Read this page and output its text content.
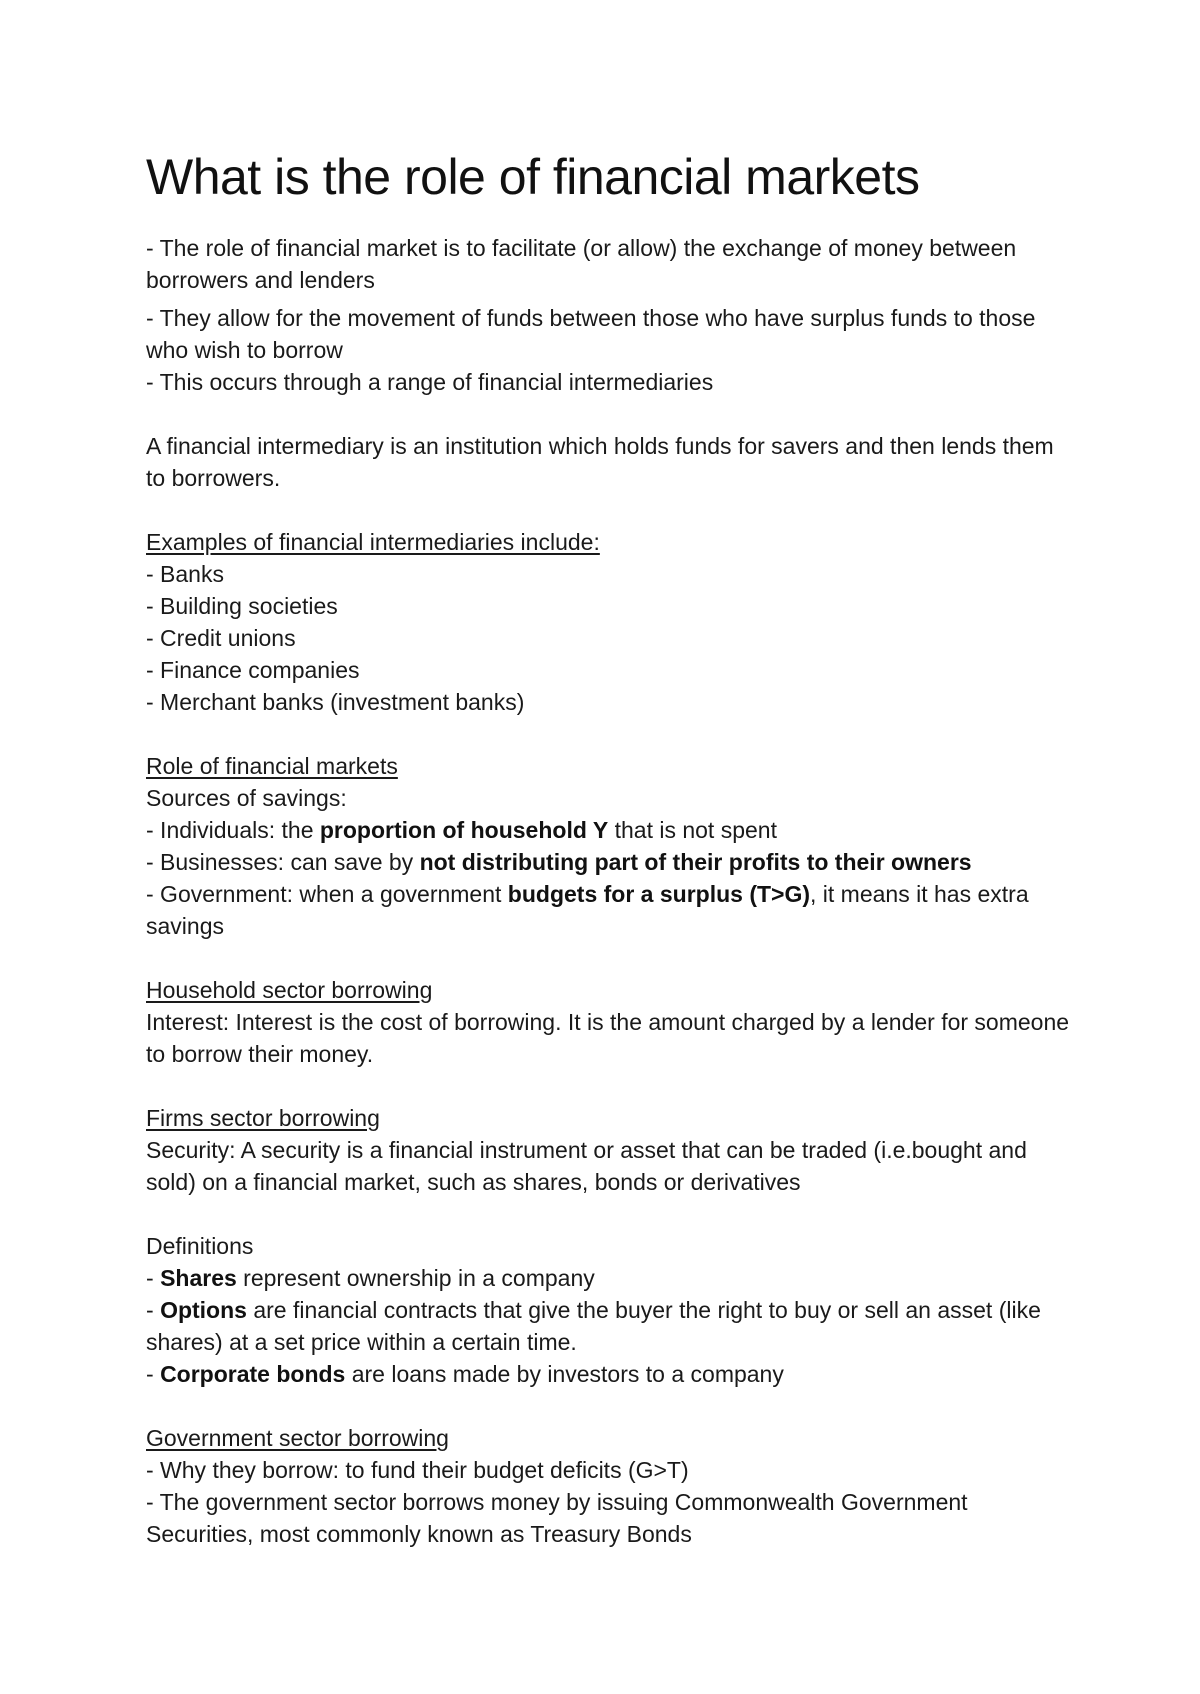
What is the role of financial markets

- The role of financial market is to facilitate (or allow) the exchange of money between borrowers and lenders

- They allow for the movement of funds between those who have surplus funds to those who wish to borrow

- This occurs through a range of financial intermediaries

A financial intermediary is an institution which holds funds for savers and then lends them to borrowers.

Examples of financial intermediaries include:

- Banks

- Building societies

- Credit unions

- Finance companies

- Merchant banks (investment banks)

Role of financial markets

Sources of savings:

- Individuals: the proportion of household Y that is not spent

- Businesses: can save by not distributing part of their profits to their owners

- Government: when a government budgets for a surplus (T>G), it means it has extra savings

Household sector borrowing

Interest: Interest is the cost of borrowing. It is the amount charged by a lender for someone to borrow their money.

Firms sector borrowing

Security: A security is a financial instrument or asset that can be traded (i.e.bought and sold) on a financial market, such as shares, bonds or derivatives

Definitions

- Shares represent ownership in a company

- Options are financial contracts that give the buyer the right to buy or sell an asset (like shares) at a set price within a certain time.

- Corporate bonds are loans made by investors to a company

Government sector borrowing

- Why they borrow: to fund their budget deficits (G>T)

- The government sector borrows money by issuing Commonwealth Government Securities, most commonly known as Treasury Bonds
